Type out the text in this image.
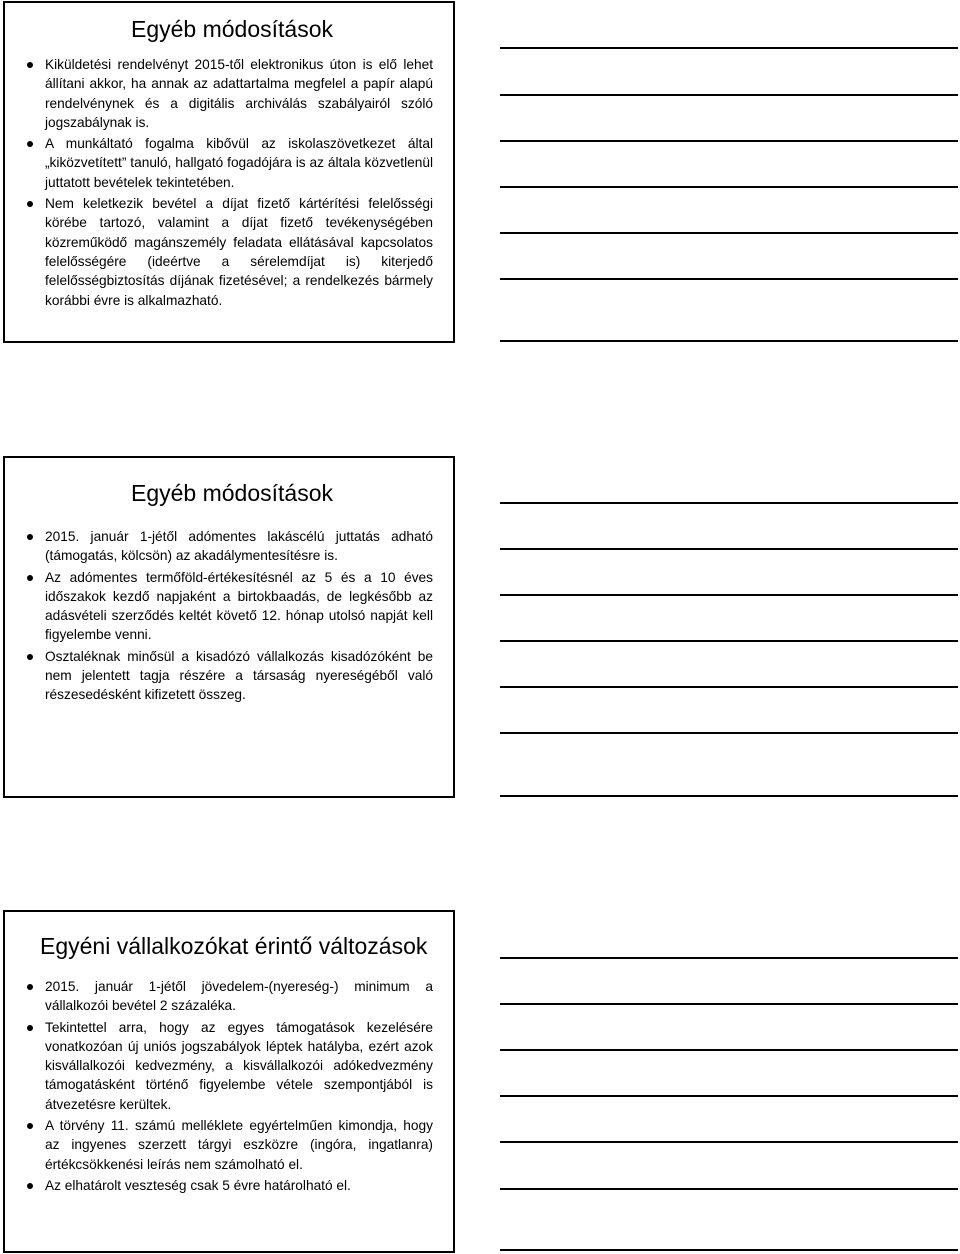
Egyéb módosítások
Kiküldetési rendelvényt 2015-től elektronikus úton is elő lehet állítani akkor, ha annak az adattartalma megfelel a papír alapú rendelvénynek és a digitális archiválás szabályairól szóló jogszabálynak is.
A munkáltató fogalma kibővül az iskolaszövetkezet által „kiközvetített” tanuló, hallgató fogadójára is az általa közvetlenül juttatott bevételek tekintetében.
Nem keletkezik bevétel a díjat fizető kártérítési felelősségi körébe tartozó, valamint a díjat fizető tevékenységében közreműködő magánszemély feladata ellátásával kapcsolatos felelősségére (ideértve a sérelemdíjat is) kiterjedő felelősségbiztosítás díjának fizetésével; a rendelkezés bármely korábbi évre is alkalmazható.
Egyéb módosítások
2015. január 1-jétől adómentes lakáscélú juttatás adható (támogatás, kölcsön) az akadálymentesítésre is.
Az adómentes termőföld-értékesítésnél az 5 és a 10 éves időszakok kezdő napjaként a birtokbaadás, de legkésőbb az adásvételi szerződés keltét követő 12. hónap utolsó napját kell figyelembe venni.
Osztaléknak minősül a kisadózó vállalkozás kisadózóként be nem jelentett tagja részére a társaság nyereségéből való részesedésként kifizetett összeg.
Egyéni vállalkozókat érintő változások
2015. január 1-jétől jövedelem-(nyereség-) minimum a vállalkozói bevétel 2 százaléka.
Tekintettel arra, hogy az egyes támogatások kezelésére vonatkozóan új uniós jogszabályok léptek hatályba, ezért azok kisvállalkozói kedvezmény, a kisvállalkozói adókedvezmény támogatásként történő figyelembe vétele szempontjából is átvezetésre kerültek.
A törvény 11. számú melléklete egyértelműen kimondja, hogy az ingyenes szerzett tárgyi eszközre (ingóra, ingatlanra) értékcsökkenési leírás nem számolható el.
Az elhatárolt veszteség csak 5 évre határolható el.
